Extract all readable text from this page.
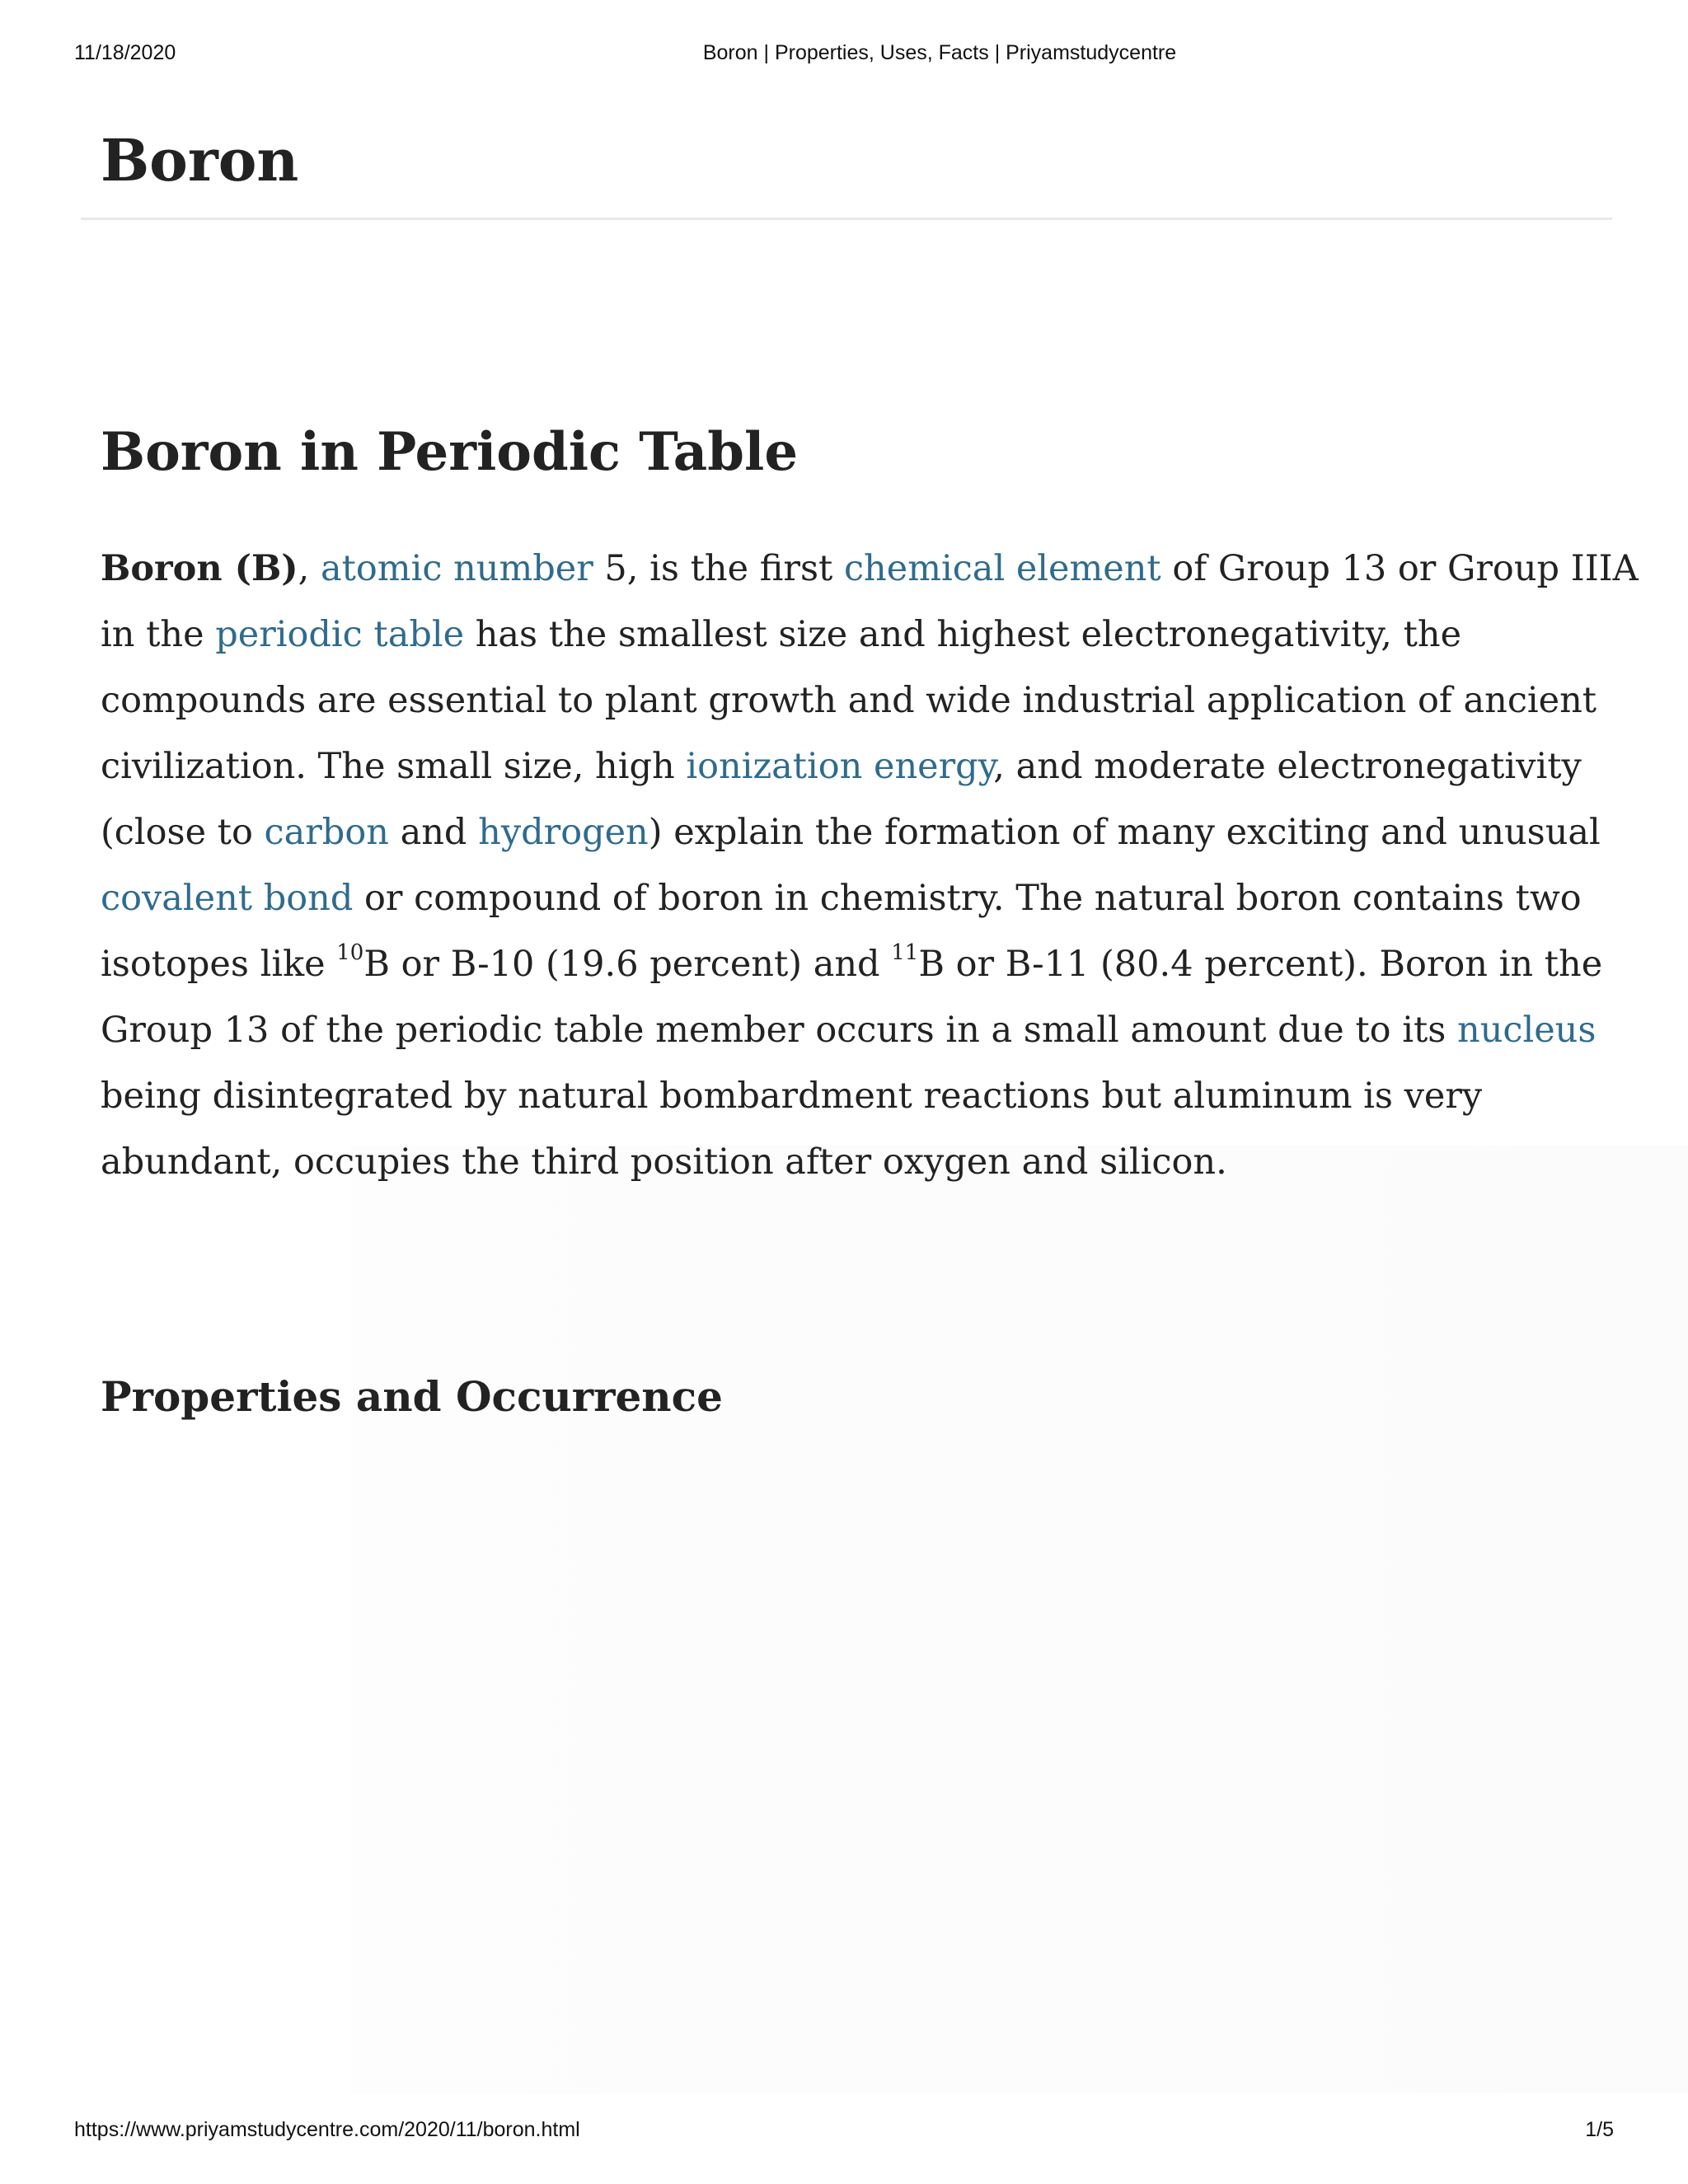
11/18/2020	Boron | Properties, Uses, Facts | Priyamstudycentre
Boron
Boron in Periodic Table

Boron (B), atomic number 5, is the first chemical element of Group 13 or Group IIIA
in the periodic table has the smallest size and highest electronegativity, the
compounds are essential to plant growth and wide industrial application of ancient
civilization. The small size, high ionization energy, and moderate electronegativity
(close to carbon and hydrogen) explain the formation of many exciting and unusual
covalent bond or compound of boron in chemistry. The natural boron contains two
isotopes like $^{10}$B or B-10 (19.6 percent) and $^{11}$B or B-11 (80.4 percent). Boron in the
Group 13 of the periodic table member occurs in a small amount due to its nucleus
being disintegrated by natural bombardment reactions but aluminum is very
abundant, occupies the third position after oxygen and silicon.

Properties and Occurrence
https://www.priyamstudycentre.com/2020/11/boron.html	1/5
